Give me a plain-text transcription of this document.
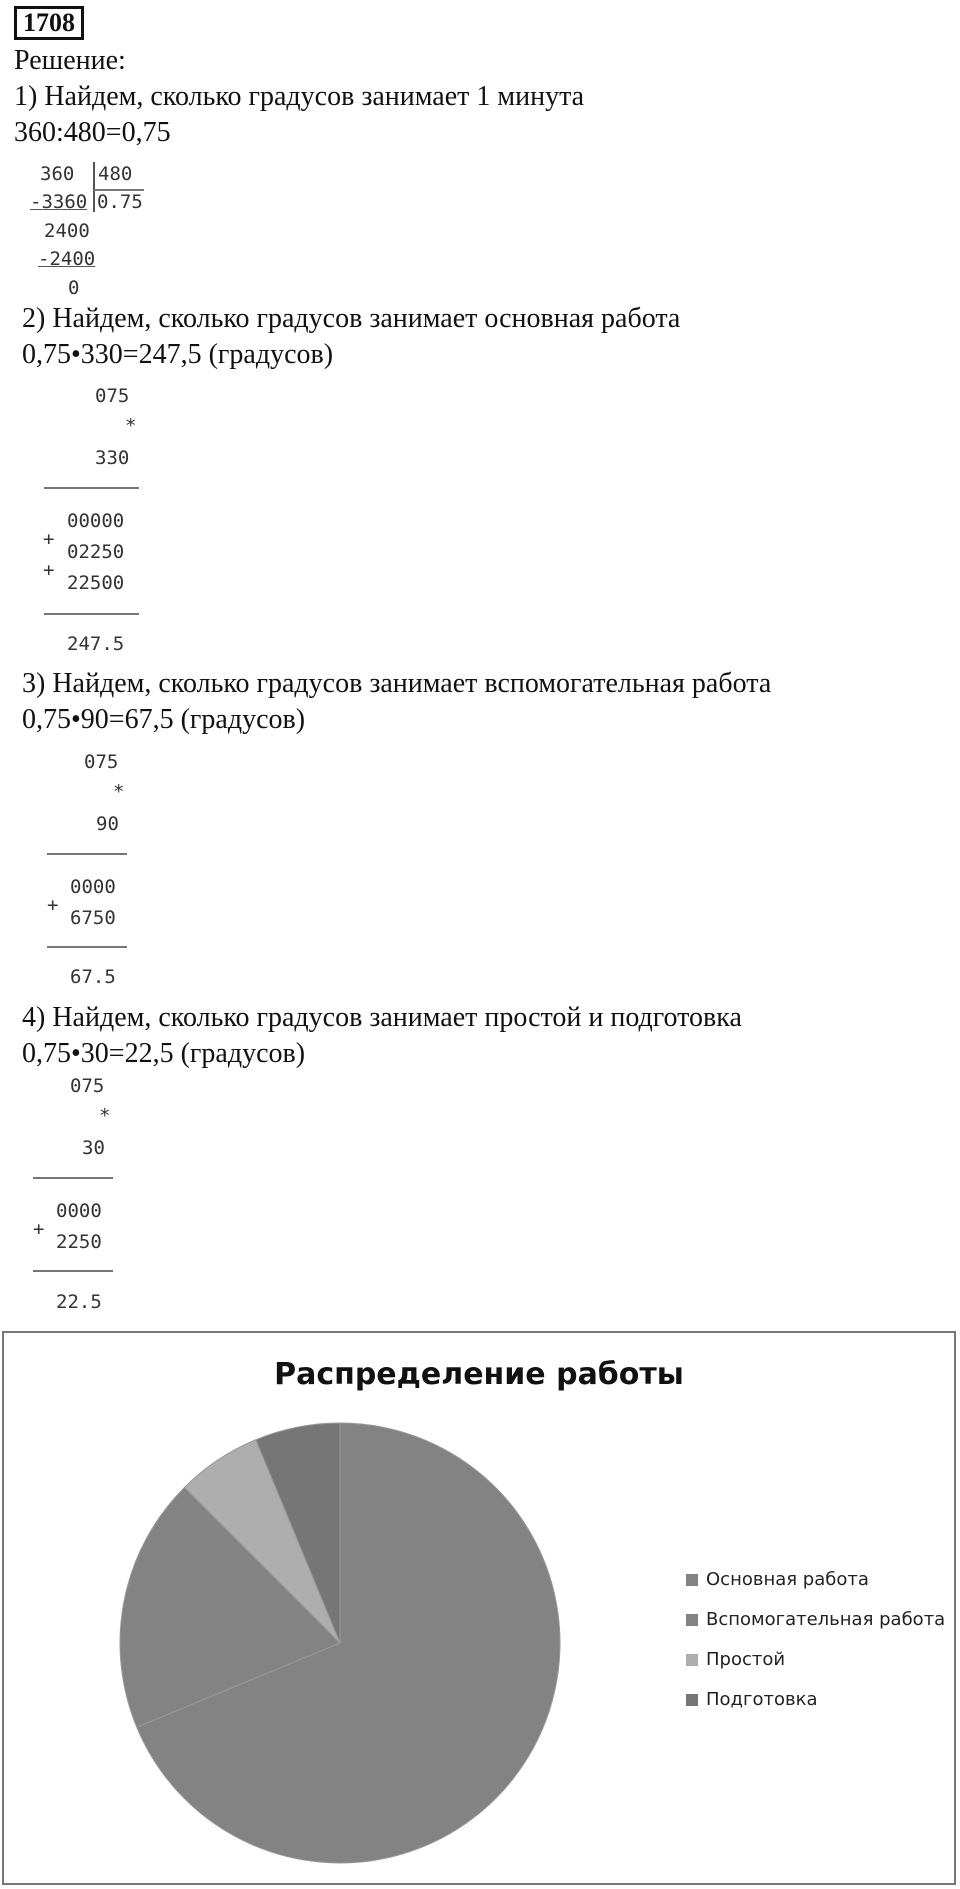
1708
Решение:
1) Найдем, сколько градусов занимает 1 минута
360:480=0,75
360 480
-3360 0.75
2400
-2400
0
2) Найдем, сколько градусов занимает основная работа
0,75•330=247,5 (градусов)
075
*
330
00000
+
02250
+
22500
247.5
3) Найдем, сколько градусов занимает вспомогательная работа
0,75•90=67,5 (градусов)
075
*
90
0000
+
6750
67.5
4) Найдем, сколько градусов занимает простой и подготовка
0,75•30=22,5 (градусов)
075
*
30
0000
+
2250
22.5
Распределение работы
Основная работа
Вспомогательная работа
Простой
Подготовка
